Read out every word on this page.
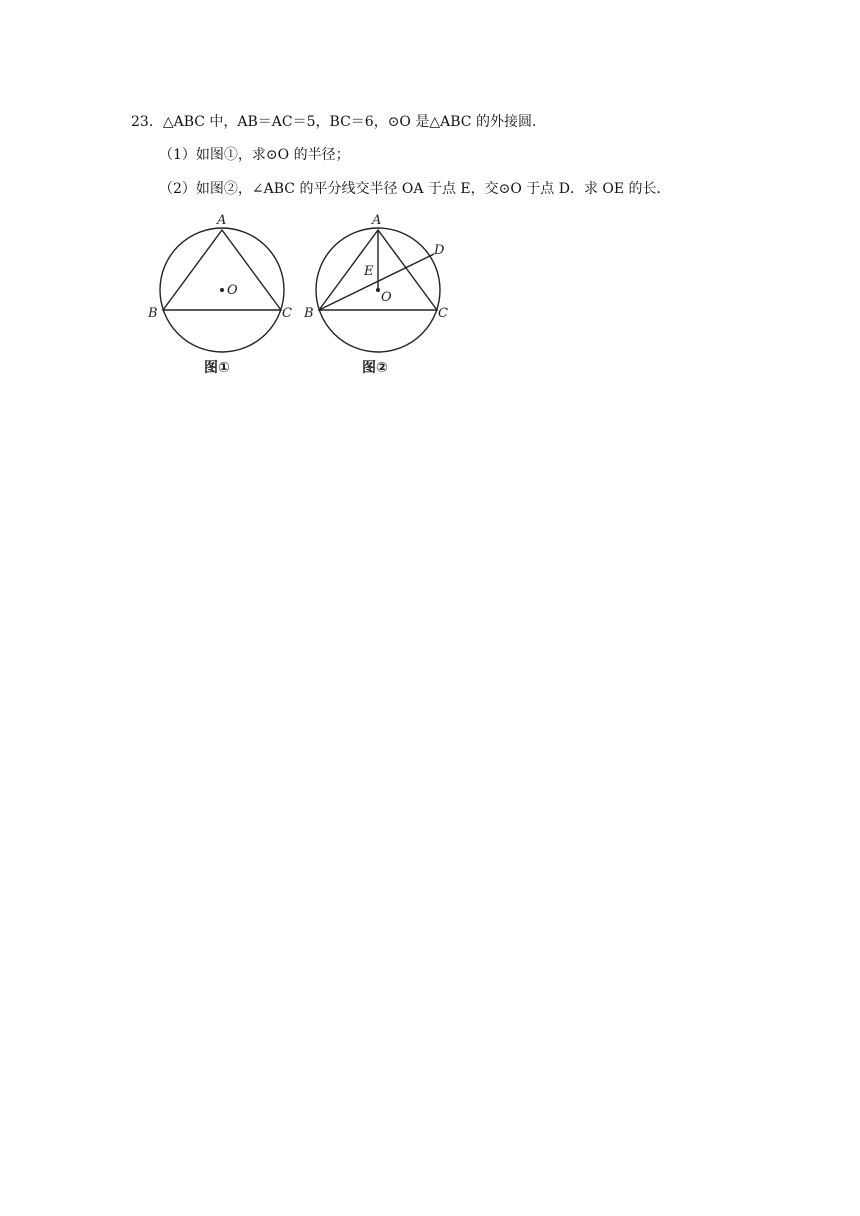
23．△ABC 中，AB＝AC＝5，BC＝6，⊙O 是△ABC 的外接圆．
（1）如图①，求⊙O 的半径；
（2）如图②，∠ABC 的平分线交半径 OA 于点 E，交⊙O 于点 D．求 OE 的长．
A
B	C
O
图①
A
B	C
O
D
E
图②
